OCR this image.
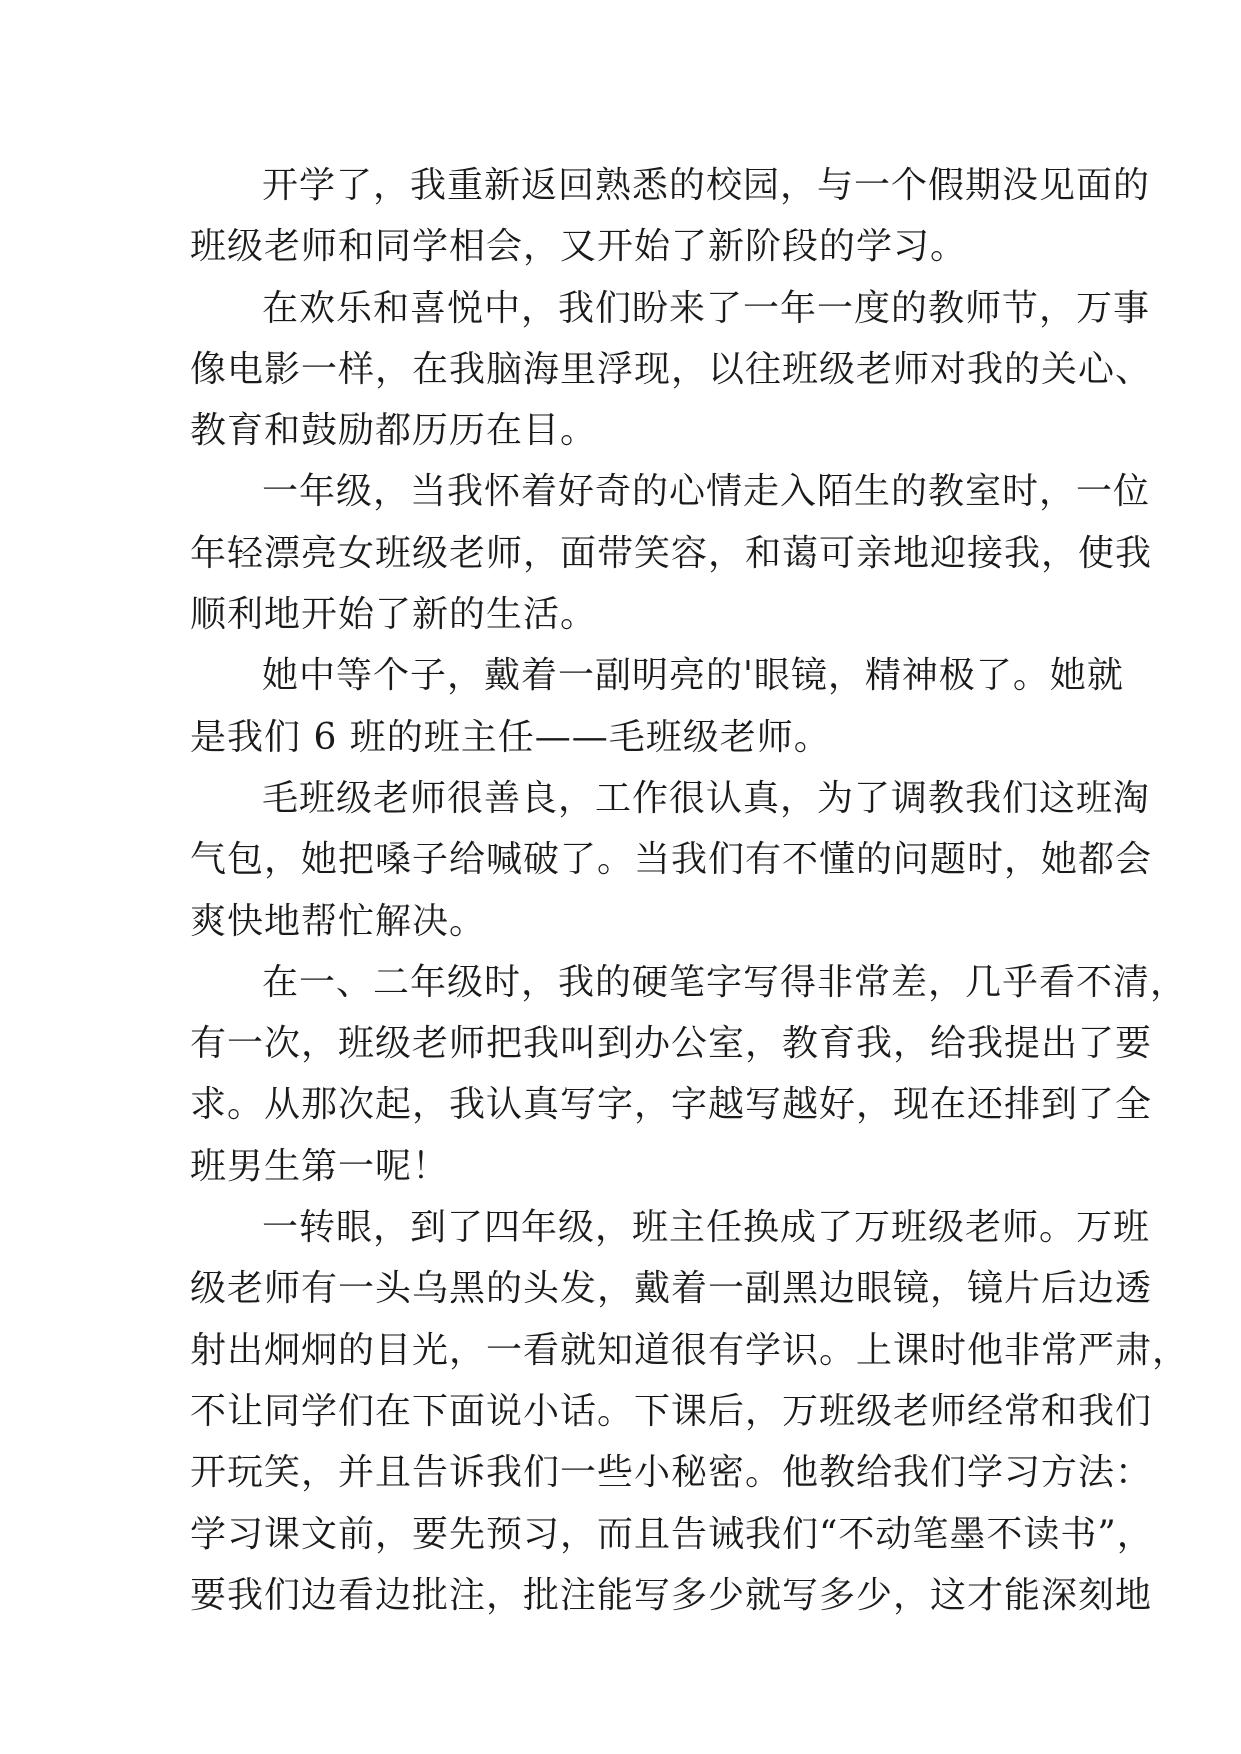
开学了，我重新返回熟悉的校园，与一个假期没见面的
班级老师和同学相会，又开始了新阶段的学习。
在欢乐和喜悦中，我们盼来了一年一度的教师节，万事
像电影一样，在我脑海里浮现，以往班级老师对我的关心、
教育和鼓励都历历在目。
一年级，当我怀着好奇的心情走入陌生的教室时，一位
年轻漂亮女班级老师，面带笑容，和蔼可亲地迎接我，使我
顺利地开始了新的生活。
她中等个子，戴着一副明亮的'眼镜，精神极了。她就
是我们 6 班的班主任——毛班级老师。
毛班级老师很善良，工作很认真，为了调教我们这班淘
气包，她把嗓子给喊破了。当我们有不懂的问题时，她都会
爽快地帮忙解决。
在一、二年级时，我的硬笔字写得非常差，几乎看不清，
有一次，班级老师把我叫到办公室，教育我，给我提出了要
求。从那次起，我认真写字，字越写越好，现在还排到了全
班男生第一呢！
一转眼，到了四年级，班主任换成了万班级老师。万班
级老师有一头乌黑的头发，戴着一副黑边眼镜，镜片后边透
射出炯炯的目光，一看就知道很有学识。上课时他非常严肃，
不让同学们在下面说小话。下课后，万班级老师经常和我们
开玩笑，并且告诉我们一些小秘密。他教给我们学习方法：
学习课文前，要先预习，而且告诫我们“不动笔墨不读书”，
要我们边看边批注，批注能写多少就写多少，这才能深刻地
